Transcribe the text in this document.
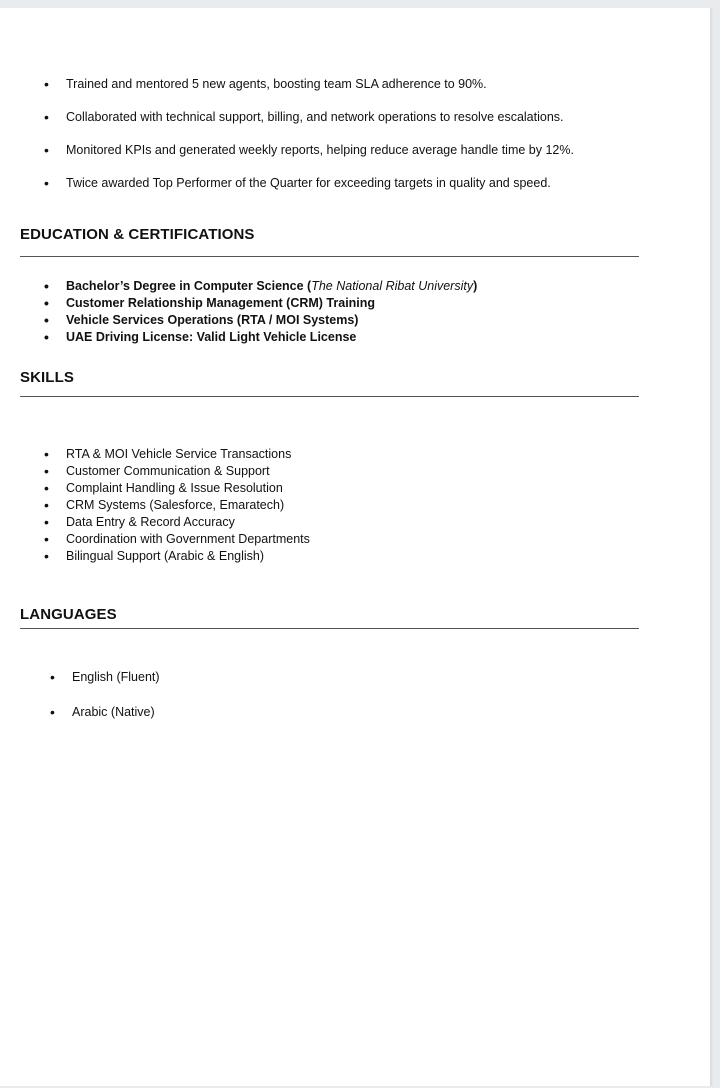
•	Trained and mentored 5 new agents, boosting team SLA adherence to 90%.
•	Collaborated with technical support, billing, and network operations to resolve escalations.
•	Monitored KPIs and generated weekly reports, helping reduce average handle time by 12%.
•	Twice awarded Top Performer of the Quarter for exceeding targets in quality and speed.
EDUCATION & CERTIFICATIONS
•	Bachelor’s Degree in Computer Science (The National Ribat University)
•	Customer Relationship Management (CRM) Training
•	Vehicle Services Operations (RTA / MOI Systems)
•	UAE Driving License: Valid Light Vehicle License
SKILLS
•	RTA & MOI Vehicle Service Transactions
•	Customer Communication & Support
•	Complaint Handling & Issue Resolution
•	CRM Systems (Salesforce, Emaratech)
•	Data Entry & Record Accuracy
•	Coordination with Government Departments
•	Bilingual Support (Arabic & English)
LANGUAGES
•	English (Fluent)
•	Arabic (Native)
